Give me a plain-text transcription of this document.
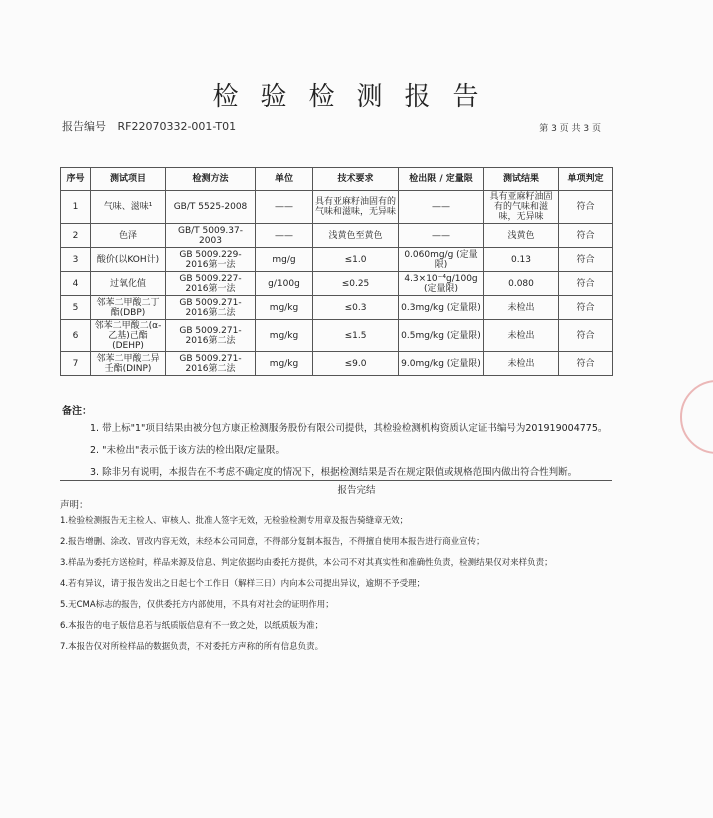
检验检测报告
报告编号 RF22070332-001-T01	第 3 页 共 3 页
序号	测试项目	检测方法	单位	技术要求	检出限 / 定量限	测试结果	单项判定
1	气味、滋味¹	GB/T 5525-2008	——	具有亚麻籽油固有的气味和滋味，无异味	——	具有亚麻籽油固有的气味和滋味，无异味	符合
2	色泽	GB/T 5009.37-2003	——	浅黄色至黄色	——	浅黄色	符合
3	酸价(以KOH计)	GB 5009.229-2016第一法	mg/g	≤1.0	0.060mg/g (定量限)	0.13	符合
4	过氧化值	GB 5009.227-2016第一法	g/100g	≤0.25	4.3×10⁻⁴g/100g (定量限)	0.080	符合
5	邻苯二甲酸二丁酯(DBP)	GB 5009.271-2016第二法	mg/kg	≤0.3	0.3mg/kg (定量限)	未检出	符合
6	邻苯二甲酸二(α-乙基)己酯(DEHP)	GB 5009.271-2016第二法	mg/kg	≤1.5	0.5mg/kg (定量限)	未检出	符合
7	邻苯二甲酸二异壬酯(DINP)	GB 5009.271-2016第二法	mg/kg	≤9.0	9.0mg/kg (定量限)	未检出	符合
备注：
1. 带上标"1"项目结果由被分包方康正检测服务股份有限公司提供，其检验检测机构资质认定证书编号为201919004775。
2. "未检出"表示低于该方法的检出限/定量限。
3. 除非另有说明，本报告在不考虑不确定度的情况下，根据检测结果是否在规定限值或规格范围内做出符合性判断。
报告完结
声明：
1.检验检测报告无主检人、审核人、批准人签字无效，无检验检测专用章及报告骑缝章无效；
2.报告增删、涂改、冒改内容无效，未经本公司同意，不得部分复制本报告，不得擅自使用本报告进行商业宣传；
3.样品为委托方送检时，样品来源及信息、判定依据均由委托方提供，本公司不对其真实性和准确性负责，检测结果仅对来样负责；
4.若有异议，请于报告发出之日起七个工作日（解样三日）内向本公司提出异议，逾期不予受理；
5.无CMA标志的报告，仅供委托方内部使用，不具有对社会的证明作用；
6.本报告的电子版信息若与纸质版信息有不一致之处，以纸质版为准；
7.本报告仅对所检样品的数据负责，不对委托方声称的所有信息负责。
